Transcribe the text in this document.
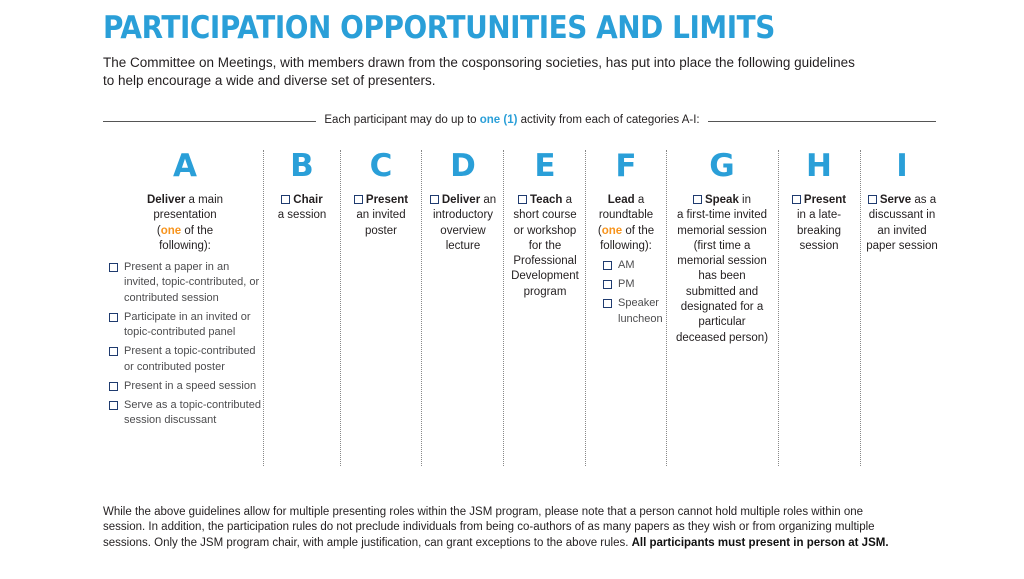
PARTICIPATION OPPORTUNITIES AND LIMITS
The Committee on Meetings, with members drawn from the cosponsoring societies, has put into place the following guidelines to help encourage a wide and diverse set of presenters.
Each participant may do up to one (1) activity from each of categories A-I:
A
Deliver a main presentation
(one of the following):
Present a paper in an invited, topic-contributed, or contributed session
Participate in an invited or topic-contributed panel
Present a topic-contributed or contributed poster
Present in a speed session
Serve as a topic-contributed session discussant
B
Chair
a session
C
Present
an invited poster
D
Deliver an introductory overview lecture
E
Teach a short course or workshop for the Professional Development program
F
Lead a roundtable
(one of the following):
AM
PM
Speaker luncheon
G
Speak in
a first-time invited memorial session (first time a memorial session has been submitted and designated for a particular deceased person)
H
Present
in a late-breaking session
I
Serve as a discussant in an invited paper session
While the above guidelines allow for multiple presenting roles within the JSM program, please note that a person cannot hold multiple roles within one session. In addition, the participation rules do not preclude individuals from being co-authors of as many papers as they wish or from organizing multiple sessions. Only the JSM program chair, with ample justification, can grant exceptions to the above rules. All participants must present in person at JSM.
